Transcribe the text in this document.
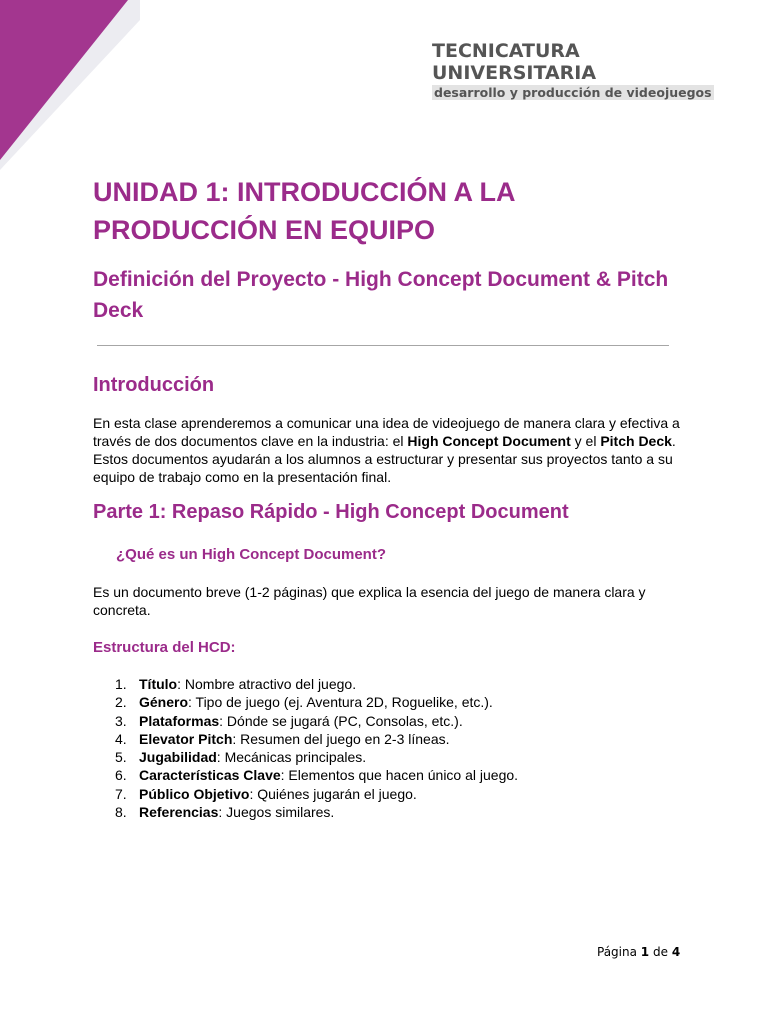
TECNICATURA UNIVERSITARIA
desarrollo y producción de videojuegos
UNIDAD 1: INTRODUCCIÓN A LA PRODUCCIÓN EN EQUIPO
Definición del Proyecto - High Concept Document & Pitch Deck
Introducción

En esta clase aprenderemos a comunicar una idea de videojuego de manera clara y efectiva a través de dos documentos clave en la industria: el High Concept Document y el Pitch Deck. Estos documentos ayudarán a los alumnos a estructurar y presentar sus proyectos tanto a su equipo de trabajo como en la presentación final.

Parte 1: Repaso Rápido - High Concept Document
¿Qué es un High Concept Document?

Es un documento breve (1-2 páginas) que explica la esencia del juego de manera clara y concreta.

Estructura del HCD:
1. Título: Nombre atractivo del juego.
2. Género: Tipo de juego (ej. Aventura 2D, Roguelike, etc.).
3. Plataformas: Dónde se jugará (PC, Consolas, etc.).
4. Elevator Pitch: Resumen del juego en 2-3 líneas.
5. Jugabilidad: Mecánicas principales.
6. Características Clave: Elementos que hacen único al juego.
7. Público Objetivo: Quiénes jugarán el juego.
8. Referencias: Juegos similares.
Página 1 de 4
